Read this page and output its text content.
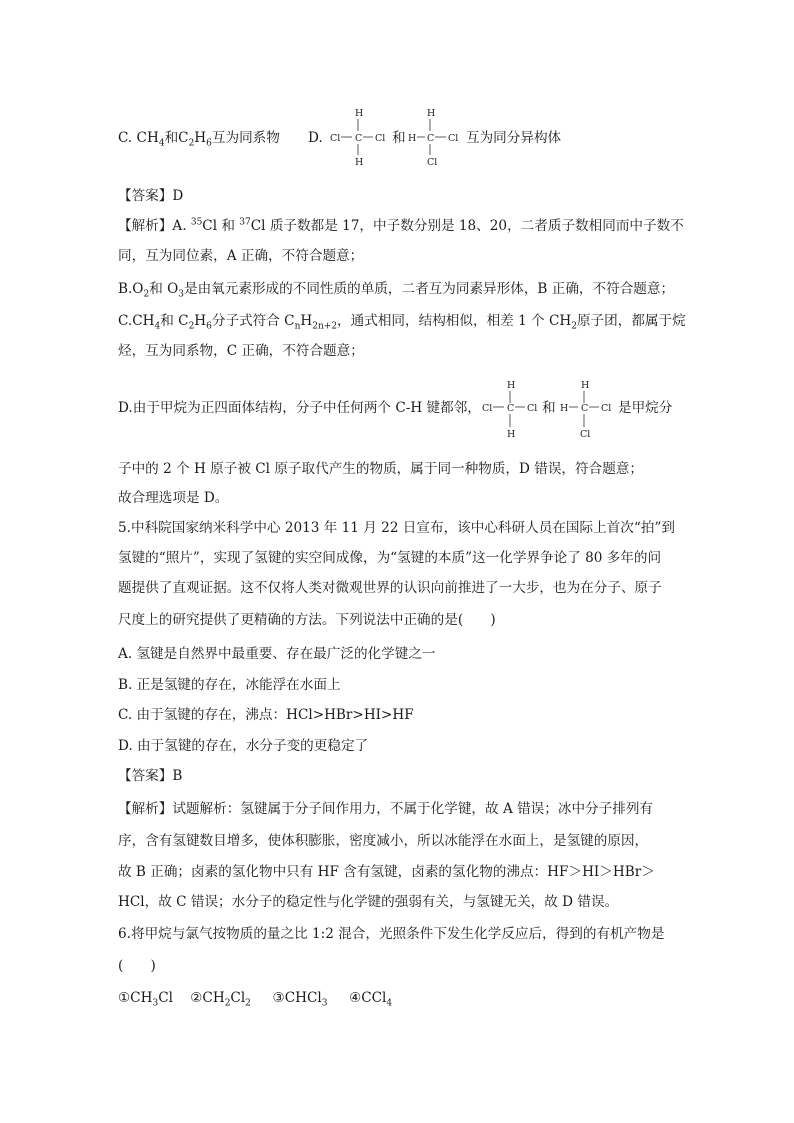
C. $CH_4$和$C_2H_6$互为同系物 D.
H
Cl C Cl
H
和
H
H C Cl
Cl
互为同分异构体
【答案】D
【解析】A. $^{35}$Cl 和 $^{37}$Cl 质子数都是 17，中子数分别是 18、20，二者质子数相同而中子数不
同，互为同位素，A 正确，不符合题意；
$B.O_2$和 $O_3$是由氧元素形成的不同性质的单质，二者互为同素异形体，B 正确，不符合题意；
$C.CH_4$和 $C_2H_6$分子式符合 $C_nH_{2n+2}$，通式相同，结构相似，相差 1 个 $CH_2$原子团，都属于烷
烃，互为同系物，C 正确，不符合题意；
D.由于甲烷为正四面体结构，分子中任何两个 C-H 键都邻，
H
Cl C Cl
H
和
H
H C Cl
Cl
是甲烷分
子中的 2 个 H 原子被 Cl 原子取代产生的物质，属于同一种物质，D 错误，符合题意；
故合理选项是 D。
5.中科院国家纳米科学中心 2013 年 11 月 22 日宣布，该中心科研人员在国际上首次“拍”到
氢键的“照片”，实现了氢键的实空间成像，为“氢键的本质”这一化学界争论了 80 多年的问
题提供了直观证据。这不仅将人类对微观世界的认识向前推进了一大步，也为在分子、原子
尺度上的研究提供了更精确的方法。下列说法中正确的是(　　)
A. 氢键是自然界中最重要、存在最广泛的化学键之一
B. 正是氢键的存在，冰能浮在水面上
C. 由于氢键的存在，沸点：HCl>HBr>HI>HF
D. 由于氢键的存在，水分子变的更稳定了
【答案】B
【解析】试题解析：氢键属于分子间作用力，不属于化学键，故 A 错误；冰中分子排列有
序，含有氢键数目增多，使体积膨胀，密度减小，所以冰能浮在水面上，是氢键的原因，
故 B 正确；卤素的氢化物中只有 HF 含有氢键，卤素的氢化物的沸点：HF＞HI＞HBr＞
HCl，故 C 错误；水分子的稳定性与化学键的强弱有关，与氢键无关，故 D 错误。
6.将甲烷与氯气按物质的量之比 1:2 混合，光照条件下发生化学反应后，得到的有机产物是
(　　)
$①CH_3Cl$ $②CH_2Cl_2$ ③CHCl$_3$ ④CCl$_4$
